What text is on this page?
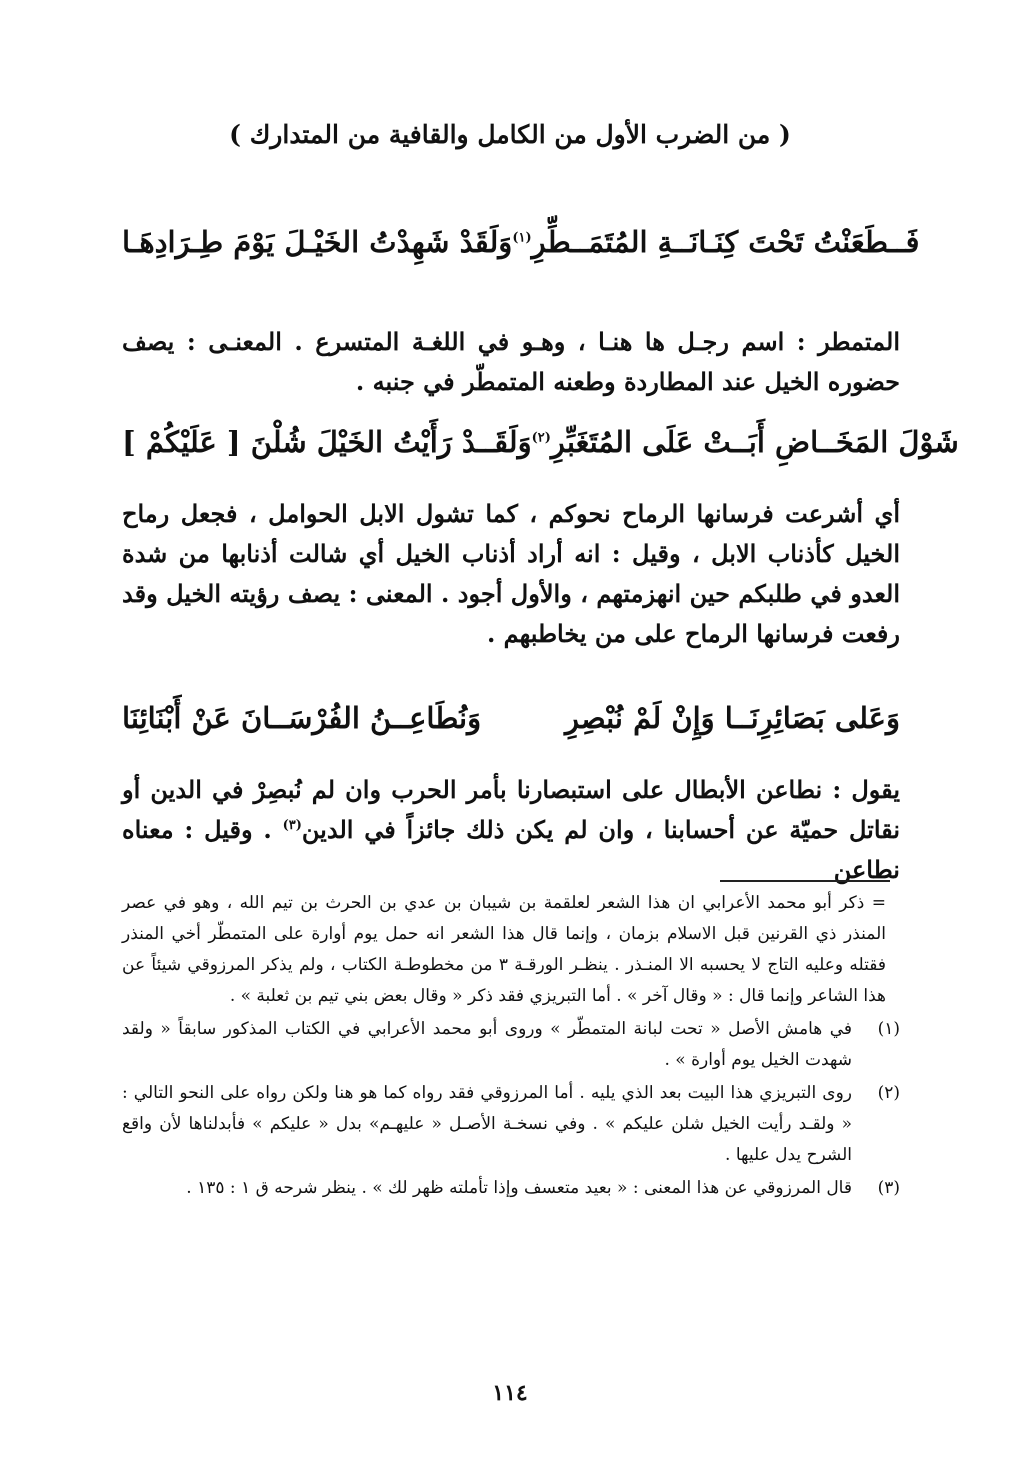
( من الضرب الأول من الكامل والقافية من المتدارك )
وَلَقَدْ شَهِدْتُ الخَيْـلَ يَوْمَ طِـرَادِهَـا فَــطَعَنْتُ تَحْتَ كِنَـانَــةِ المُتَمَــطِّرِ$^{(١)}$

المتمطر : اسم رجـل ها هنـا ، وهـو في اللغـة المتسرع . المعنـى : يصف حضوره الخيل عند المطاردة وطعنه المتمطّر في جنبه .

وَلَقَــدْ رَأَيْتُ الخَيْلَ شُلْنَ [ عَلَيْكُمْ ] شَوْلَ المَخَــاضِ أَبَــتْ عَلَى المُتَغَبِّرِ$^{(٢)}$

أي أشرعت فرسانها الرماح نحوكم ، كما تشول الابل الحوامل ، فجعل رماح الخيل كأذناب الابل ، وقيل : انه أراد أذناب الخيل أي شالت أذنابها من شدة العدو في طلبكم حين انهزمتهم ، والأول أجود . المعنى : يصف رؤيته الخيل وقد رفعت فرسانها الرماح على من يخاطبهم .

وَنُطَاعِــنُ الفُرْسَــانَ عَنْ أَبْنَائِنَا	وَعَلى بَصَائِرِنَــا وَإِنْ لَمْ نُبْصِرِ

يقول : نطاعن الأبطال على استبصارنا بأمر الحرب وان لم نُبصِرْ في الدين أو نقاتل حميّة عن أحسابنا ، وان لم يكن ذلك جائزاً في الدين$^{(٣)}$ . وقيل : معناه نطاعن

= ذكر أبو محمد الأعرابي ان هذا الشعر لعلقمة بن شيبان بن عدي بن الحرث بن تيم الله ، وهو في عصر المنذر ذي القرنين قبل الاسلام بزمان ، وإنما قال هذا الشعر انه حمل يوم أوارة على المتمطّر أخي المنذر فقتله وعليه التاج لا يحسبه الا المنـذر . ينظـر الورقـة ٣ من مخطوطـة الكتاب ، ولم يذكر المرزوقي شيئاً عن هذا الشاعر وإنما قال : « وقال آخر » . أما التبريزي فقد ذكر « وقال بعض بني تيم بن ثعلبة » .
(١)
في هامش الأصل « تحت لبانة المتمطّر » وروى أبو محمد الأعرابي في الكتاب المذكور سابقاً « ولقد شهدت الخيل يوم أوارة » .
(٢)
روى التبريزي هذا البيت بعد الذي يليه . أما المرزوقي فقد رواه كما هو هنا ولكن رواه على النحو التالي : « ولقـد رأيت الخيل شلن عليكم » . وفي نسخـة الأصـل « عليهـم» بدل « عليكم » فأبدلناها لأن واقع الشرح يدل عليها .
(٣)
قال المرزوقي عن هذا المعنى : « بعيد متعسف وإذا تأملته ظهر لك » . ينظر شرحه ق ١ : ١٣٥ .
١١٤
